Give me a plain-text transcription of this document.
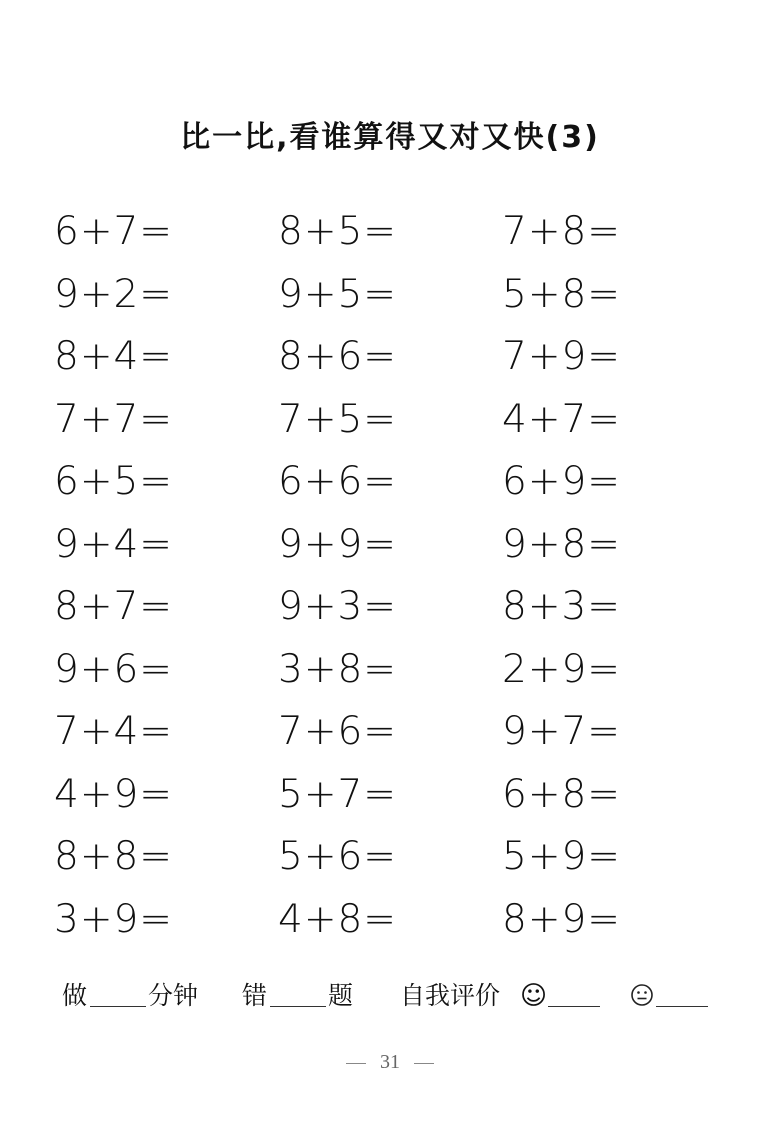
比一比,看谁算得又对又快(3)
6+7=	8+5=	7+8=
9+2=	9+5=	5+8=
8+4=	8+6=	7+9=
7+7=	7+5=	4+7=
6+5=	6+6=	6+9=
9+4=	9+9=	9+8=
8+7=	9+3=	8+3=
9+6=	3+8=	2+9=
7+4=	7+6=	9+7=
4+9=	5+7=	6+8=
8+8=	5+6=	5+9=
3+9=	4+8=	8+9=
做 分钟 错 题 自我评价 ☺
31
